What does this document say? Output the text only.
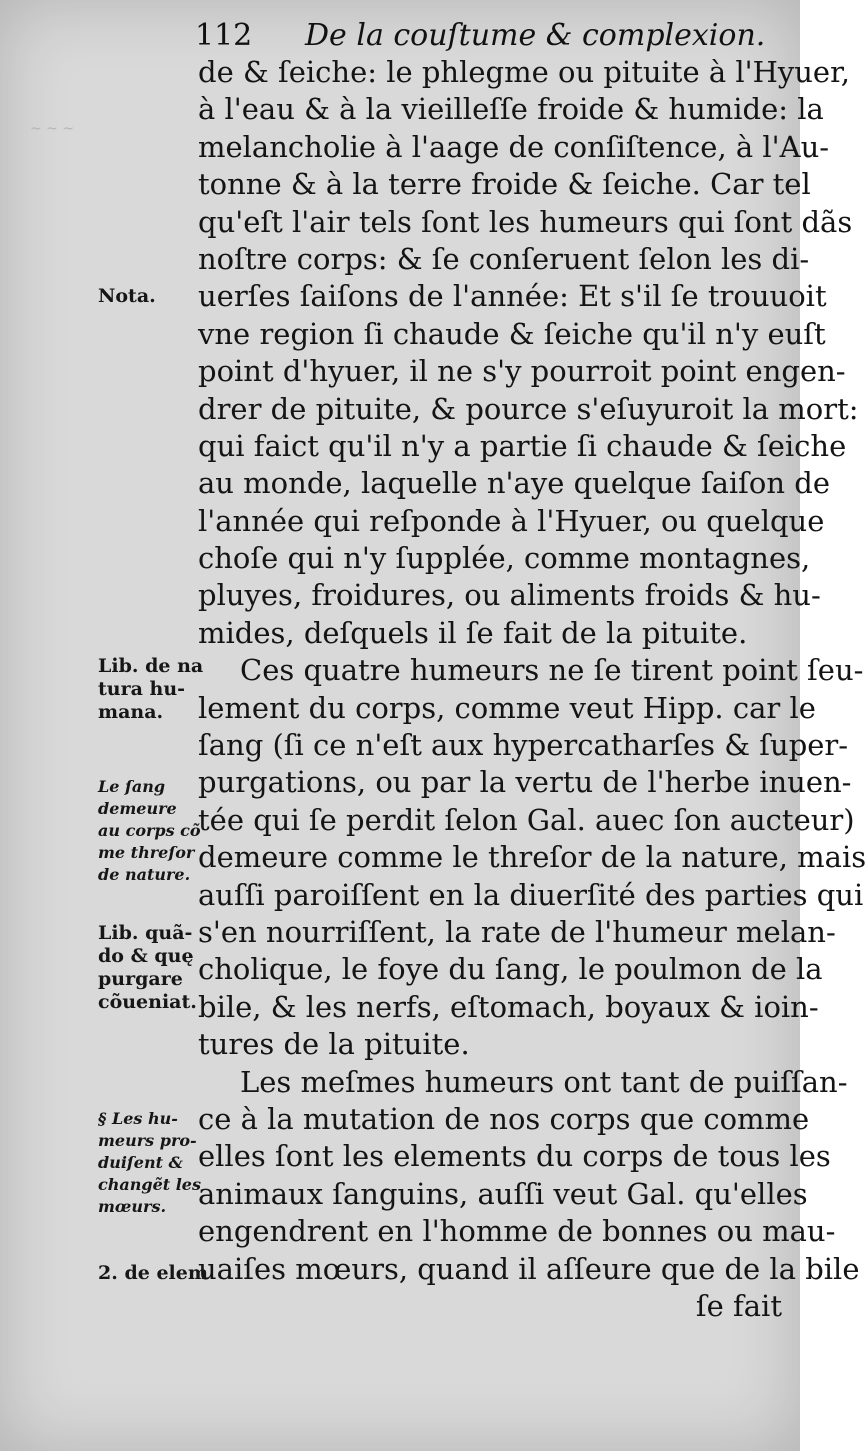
~ ~ ~
112 De la couſtume & complexion.
de & ſeiche: le phlegme ou pituite à l'Hyuer,
à l'eau & à la vieilleſſe froide & humide: la
melancholie à l'aage de conſiſtence, à l'Au-
tonne & à la terre froide & ſeiche. Car tel
qu'eſt l'air tels ſont les humeurs qui ſont dãs
noſtre corps: & ſe conſeruent ſelon les di-
uerſes ſaiſons de l'année: Et s'il ſe trouuoit
vne region ſi chaude & ſeiche qu'il n'y euſt
point d'hyuer, il ne s'y pourroit point engen-
drer de pituite, & pource s'eſuyuroit la mort:
qui faict qu'il n'y a partie ſi chaude & ſeiche
au monde, laquelle n'aye quelque ſaiſon de
l'année qui reſponde à l'Hyuer, ou quelque
choſe qui n'y ſupplée, comme montagnes,
pluyes, froidures, ou aliments froids & hu-
mides, deſquels il ſe fait de la pituite.
Ces quatre humeurs ne ſe tirent point ſeu-
lement du corps, comme veut Hipp. car le
ſang (ſi ce n'eſt aux hypercatharſes & ſuper-
purgations, ou par la vertu de l'herbe inuen-
tée qui ſe perdit ſelon Gal. auec ſon aucteur)
demeure comme le threſor de la nature, mais
auſſi paroiſſent en la diuerſité des parties qui
s'en nourriſſent, la rate de l'humeur melan-
cholique, le foye du ſang, le poulmon de la
bile, & les nerfs, eſtomach, boyaux & ioin-
tures de la pituite.
Les meſmes humeurs ont tant de puiſſan-
ce à la mutation de nos corps que comme
elles ſont les elements du corps de tous les
animaux ſanguins, auſſi veut Gal. qu'elles
engendrent en l'homme de bonnes ou mau-
uaiſes mœurs, quand il aſſeure que de la bile
ſe fait
Nota.
Lib. de na
tura hu-
mana.
Le ſang
demeure
au corps cõ
me threſor
de nature.
Lib. quã-
do & quę
purgare
cõueniat.
§ Les hu-
meurs pro-
duiſent &
changẽt les
mœurs.
2. de elem
